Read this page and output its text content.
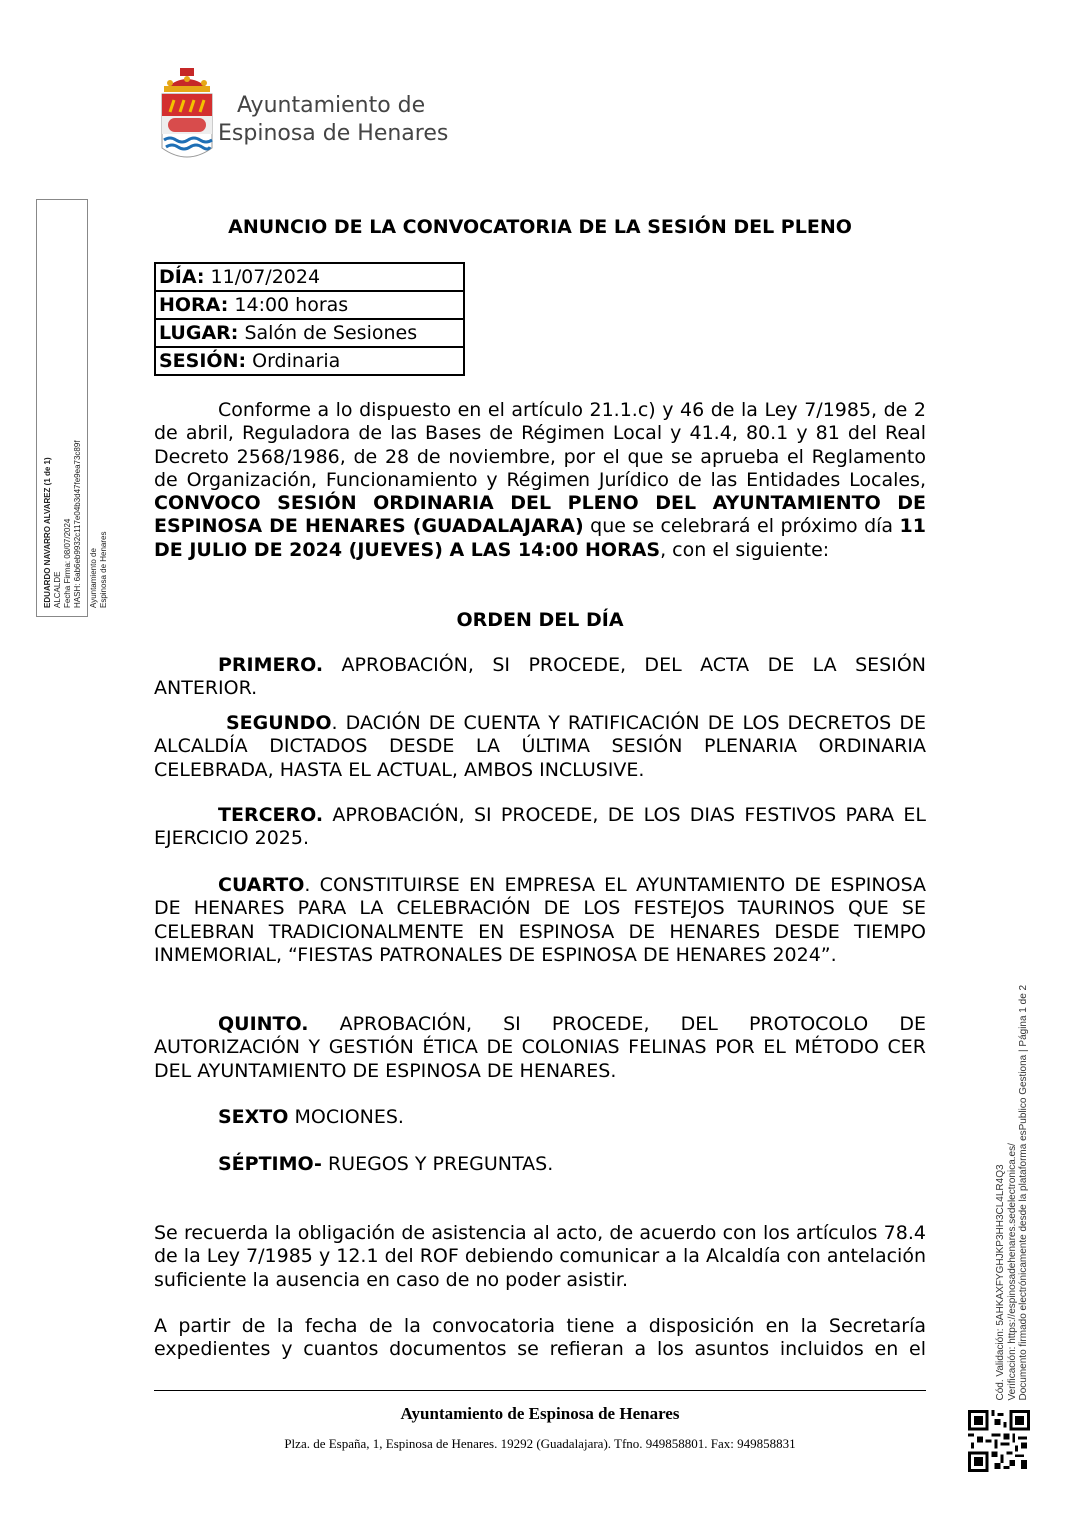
Ayuntamiento de
Espinosa de Henares
EDUARDO NAVARRO ALVAREZ (1 de 1) ALCALDE Fecha Firma: 08/07/2024 HASH: 6ab6eb9932c117e04b3d47fe9ea73c89f Ayuntamiento de Espinosa de Henares
Cód. Validación: 5AHKAXFYGHJKP3HH3CL4LR4Q3 Verificación: https://espinosadehenares.sedelectronica.es/ Documento firmado electrónicamente desde la plataforma esPublico Gestiona | Página 1 de 2
ANUNCIO DE LA CONVOCATORIA DE LA SESIÓN DEL PLENO
DÍA: 11/07/2024
HORA: 14:00 horas
LUGAR: Salón de Sesiones
SESIÓN: Ordinaria
Conforme a lo dispuesto en el artículo 21.1.c) y 46 de la Ley 7/1985, de 2 de abril, Reguladora de las Bases de Régimen Local y 41.4, 80.1 y 81 del Real Decreto 2568/1986, de 28 de noviembre, por el que se aprueba el Reglamento de Organización, Funcionamiento y Régimen Jurídico de las Entidades Locales, CONVOCO SESIÓN ORDINARIA DEL PLENO DEL AYUNTAMIENTO DE ESPINOSA DE HENARES (GUADALAJARA) que se celebrará el próximo día 11 DE JULIO DE 2024 (JUEVES) A LAS 14:00 HORAS, con el siguiente:
ORDEN DEL DÍA
PRIMERO. APROBACIÓN, SI PROCEDE, DEL ACTA DE LA SESIÓN ANTERIOR.
SEGUNDO. DACIÓN DE CUENTA Y RATIFICACIÓN DE LOS DECRETOS DE ALCALDÍA DICTADOS DESDE LA ÚLTIMA SESIÓN PLENARIA ORDINARIA CELEBRADA, HASTA EL ACTUAL, AMBOS INCLUSIVE.
TERCERO. APROBACIÓN, SI PROCEDE, DE LOS DIAS FESTIVOS PARA EL EJERCICIO 2025.
CUARTO. CONSTITUIRSE EN EMPRESA EL AYUNTAMIENTO DE ESPINOSA DE HENARES PARA LA CELEBRACIÓN DE LOS FESTEJOS TAURINOS QUE SE CELEBRAN TRADICIONALMENTE EN ESPINOSA DE HENARES DESDE TIEMPO INMEMORIAL, “FIESTAS PATRONALES DE ESPINOSA DE HENARES 2024”.
QUINTO. APROBACIÓN, SI PROCEDE, DEL PROTOCOLO DE AUTORIZACIÓN Y GESTIÓN ÉTICA DE COLONIAS FELINAS POR EL MÉTODO CER DEL AYUNTAMIENTO DE ESPINOSA DE HENARES.
SEXTO MOCIONES.
SÉPTIMO- RUEGOS Y PREGUNTAS.
Se recuerda la obligación de asistencia al acto, de acuerdo con los artículos 78.4 de la Ley 7/1985 y 12.1 del ROF debiendo comunicar a la Alcaldía con antelación suficiente la ausencia en caso de no poder asistir.
A partir de la fecha de la convocatoria tiene a disposición en la Secretaría expedientes y cuantos documentos se refieran a los asuntos incluidos en el
Ayuntamiento de Espinosa de Henares
Plza. de España, 1, Espinosa de Henares. 19292 (Guadalajara). Tfno. 949858801. Fax: 949858831
